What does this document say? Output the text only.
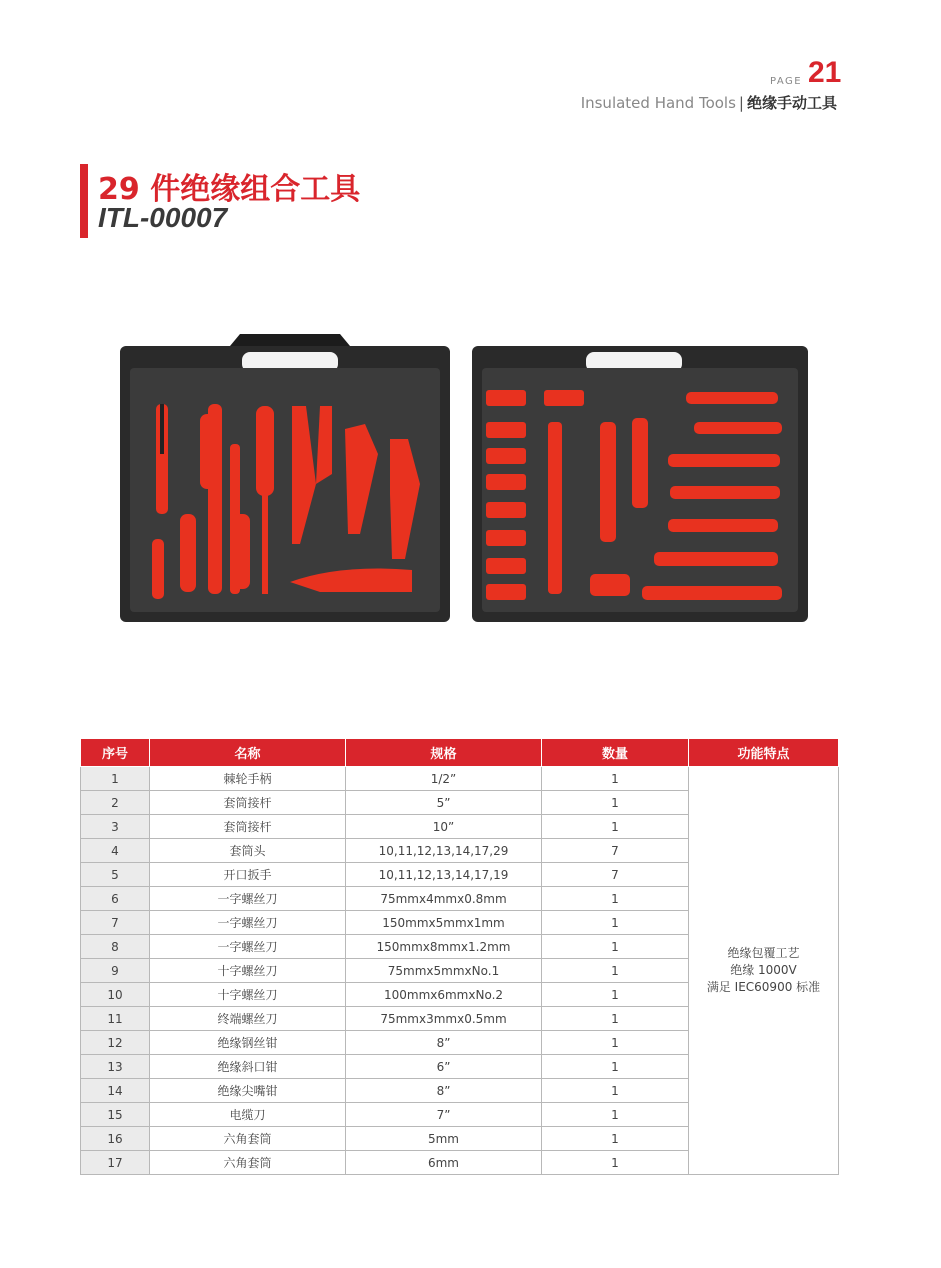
PAGE 21
Insulated Hand Tools | 绝缘手动工具
29 件绝缘组合工具
ITL-00007
序号	名称	规格	数量	功能特点
1	棘轮手柄	1/2”	1	绝缘包覆工艺
绝缘 1000V
满足 IEC60900 标准

2	套筒接杆	5”	1	
3	套筒接杆	10”	1	
4	套筒头	10,11,12,13,14,17,29	7	
5	开口扳手	10,11,12,13,14,17,19	7	
6	一字螺丝刀	75mmx4mmx0.8mm	1	
7	一字螺丝刀	150mmx5mmx1mm	1	
8	一字螺丝刀	150mmx8mmx1.2mm	1	
9	十字螺丝刀	75mmx5mmxNo.1	1	
10	十字螺丝刀	100mmx6mmxNo.2	1	
11	终端螺丝刀	75mmx3mmx0.5mm	1	
12	绝缘钢丝钳	8”	1	
13	绝缘斜口钳	6”	1	
14	绝缘尖嘴钳	8”	1	
15	电缆刀	7”	1	
16	六角套筒	5mm	1	
17	六角套筒	6mm	1	
